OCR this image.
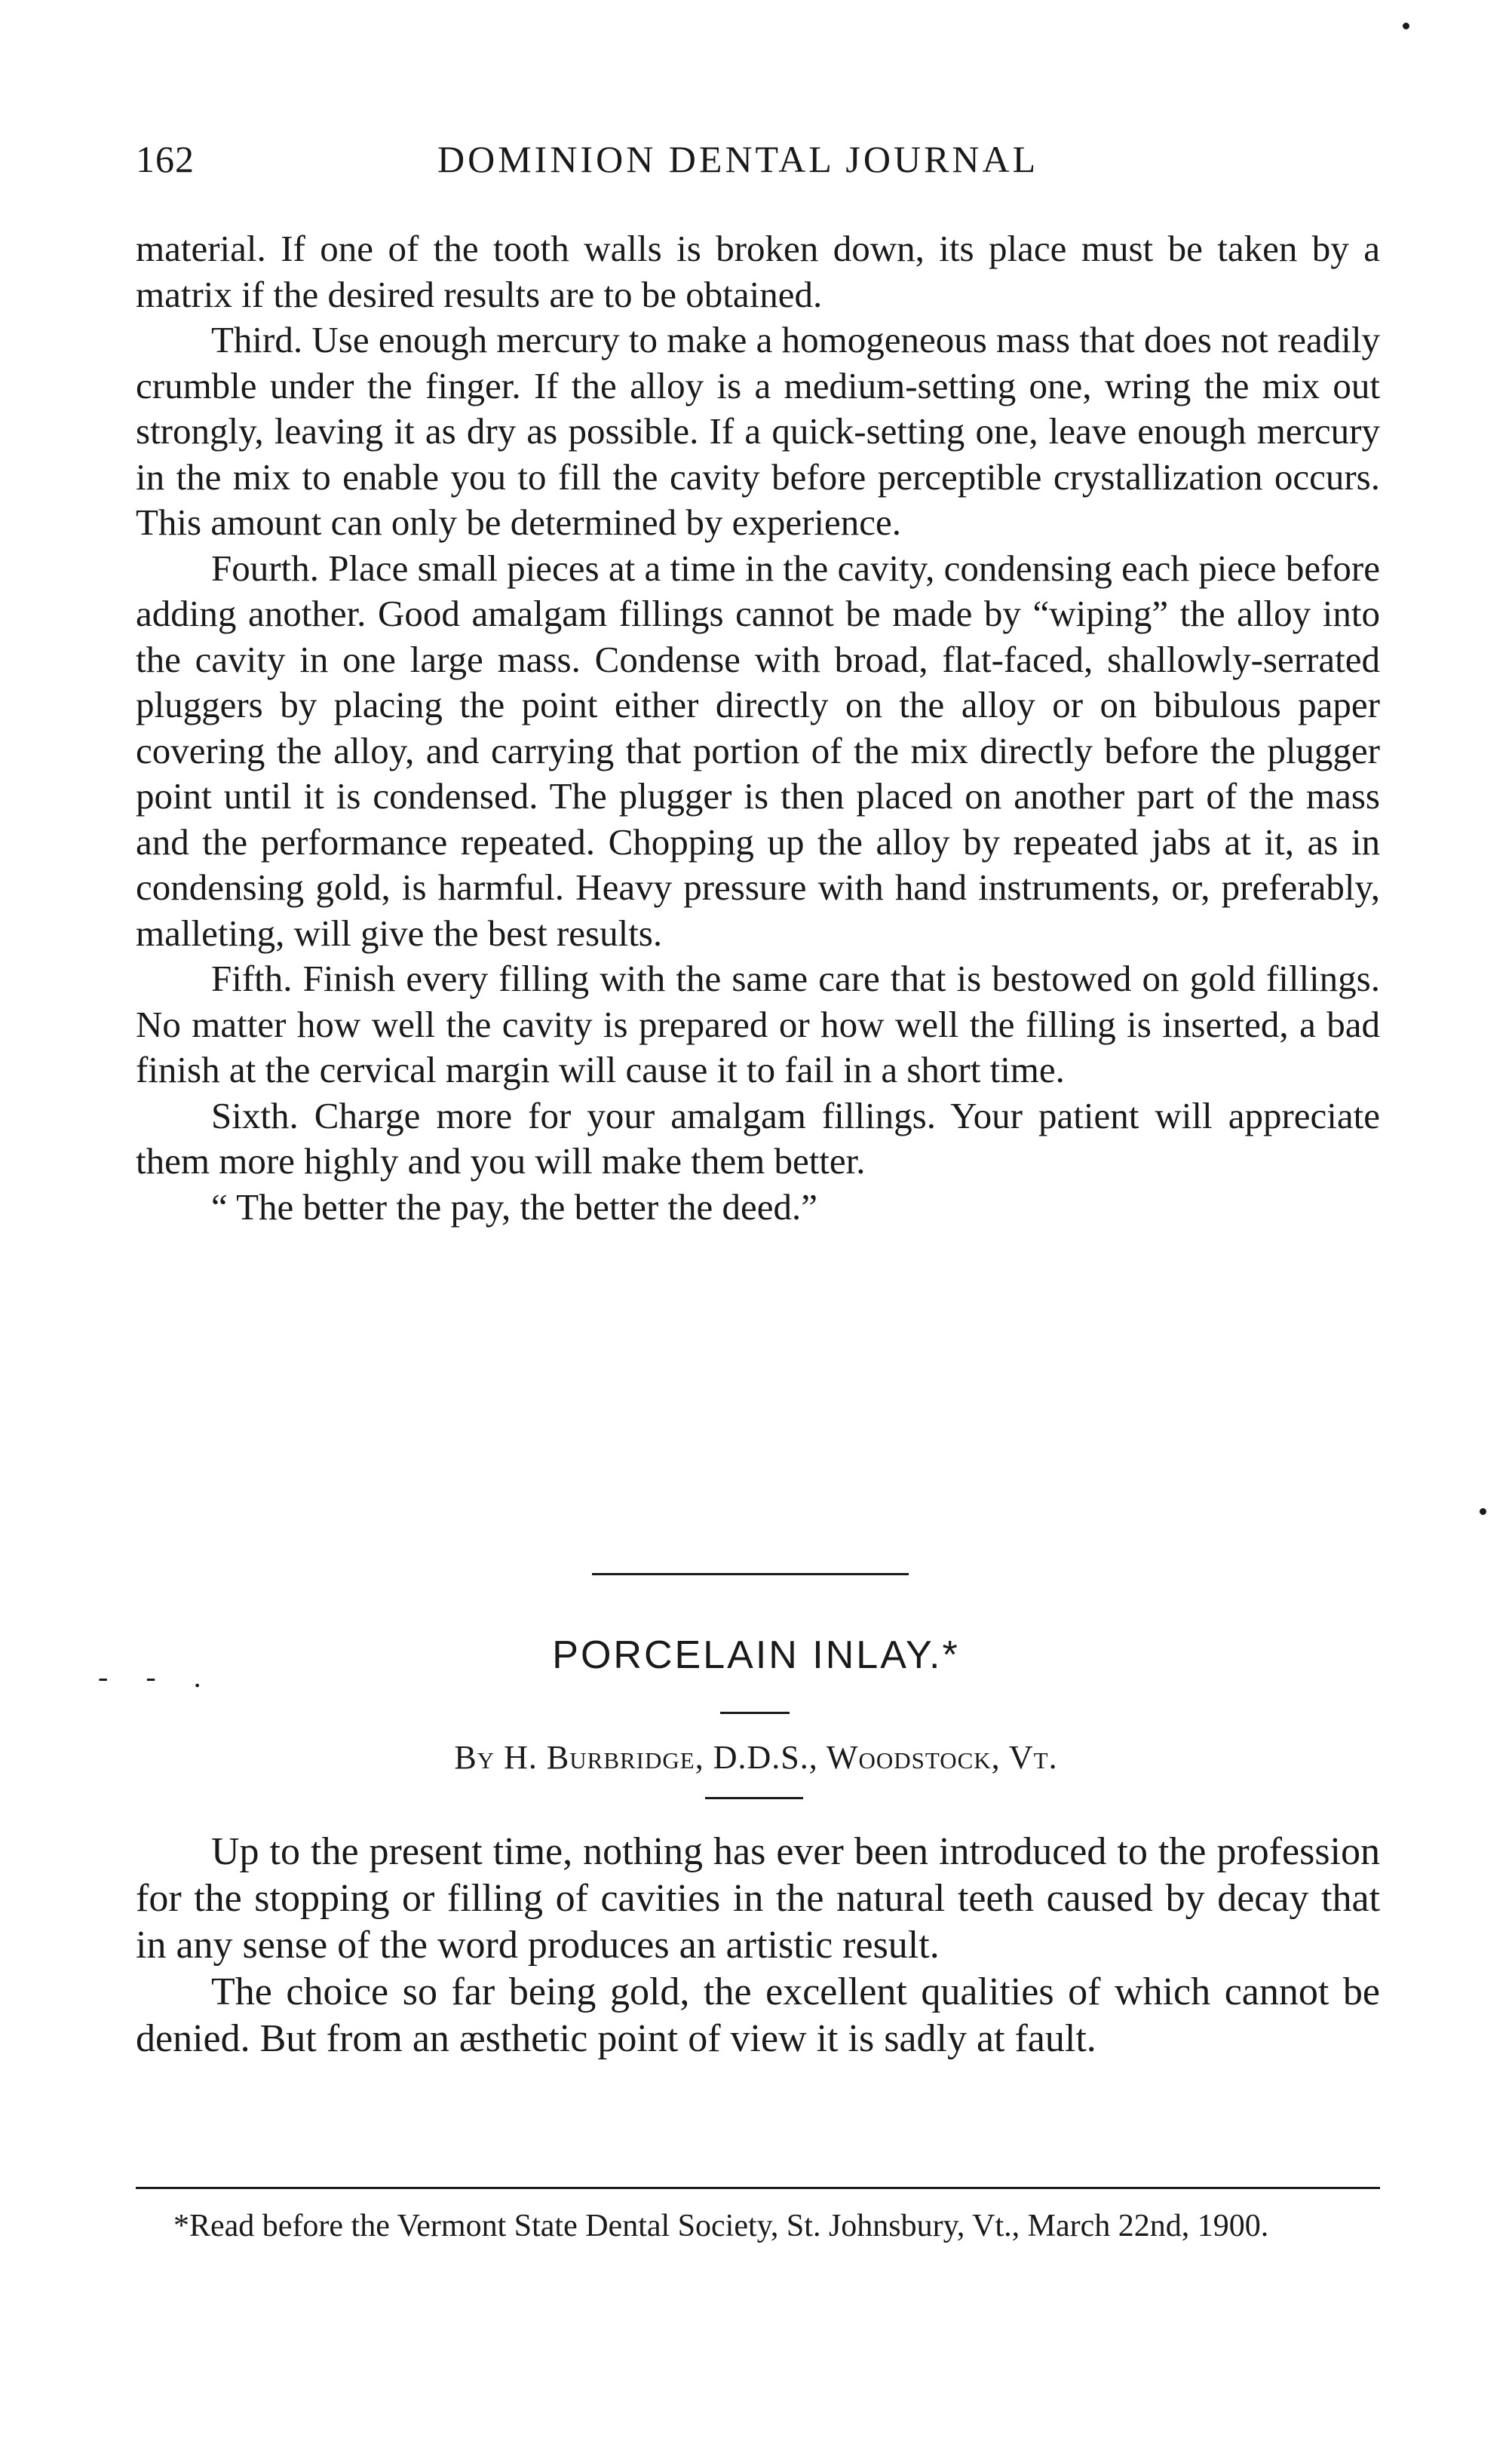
162	DOMINION DENTAL JOURNAL

material. If one of the tooth walls is broken down, its place must be taken by a matrix if the desired results are to be obtained.

Third. Use enough mercury to make a homogeneous mass that does not readily crumble under the finger. If the alloy is a medium-setting one, wring the mix out strongly, leaving it as dry as possible. If a quick-setting one, leave enough mercury in the mix to enable you to fill the cavity before perceptible crystallization occurs. This amount can only be determined by experience.

Fourth. Place small pieces at a time in the cavity, condensing each piece before adding another. Good amalgam fillings cannot be made by “wiping” the alloy into the cavity in one large mass. Condense with broad, flat-faced, shallowly-serrated pluggers by placing the point either directly on the alloy or on bibulous paper covering the alloy, and carrying that portion of the mix directly before the plugger point until it is condensed. The plugger is then placed on another part of the mass and the performance repeated. Chopping up the alloy by repeated jabs at it, as in condensing gold, is harmful. Heavy pressure with hand instruments, or, preferably, malleting, will give the best results.

Fifth. Finish every filling with the same care that is bestowed on gold fillings. No matter how well the cavity is prepared or how well the filling is inserted, a bad finish at the cervical margin will cause it to fail in a short time.

Sixth. Charge more for your amalgam fillings. Your patient will appreciate them more highly and you will make them better.

“ The better the pay, the better the deed.”

- - .	PORCELAIN INLAY.*
By H. Burbridge, D.D.S., Woodstock, Vt.

Up to the present time, nothing has ever been introduced to the profession for the stopping or filling of cavities in the natural teeth caused by decay that in any sense of the word produces an artistic result.

The choice so far being gold, the excellent qualities of which cannot be denied. But from an æsthetic point of view it is sadly at fault.

*Read before the Vermont State Dental Society, St. Johnsbury, Vt., March 22nd, 1900.
